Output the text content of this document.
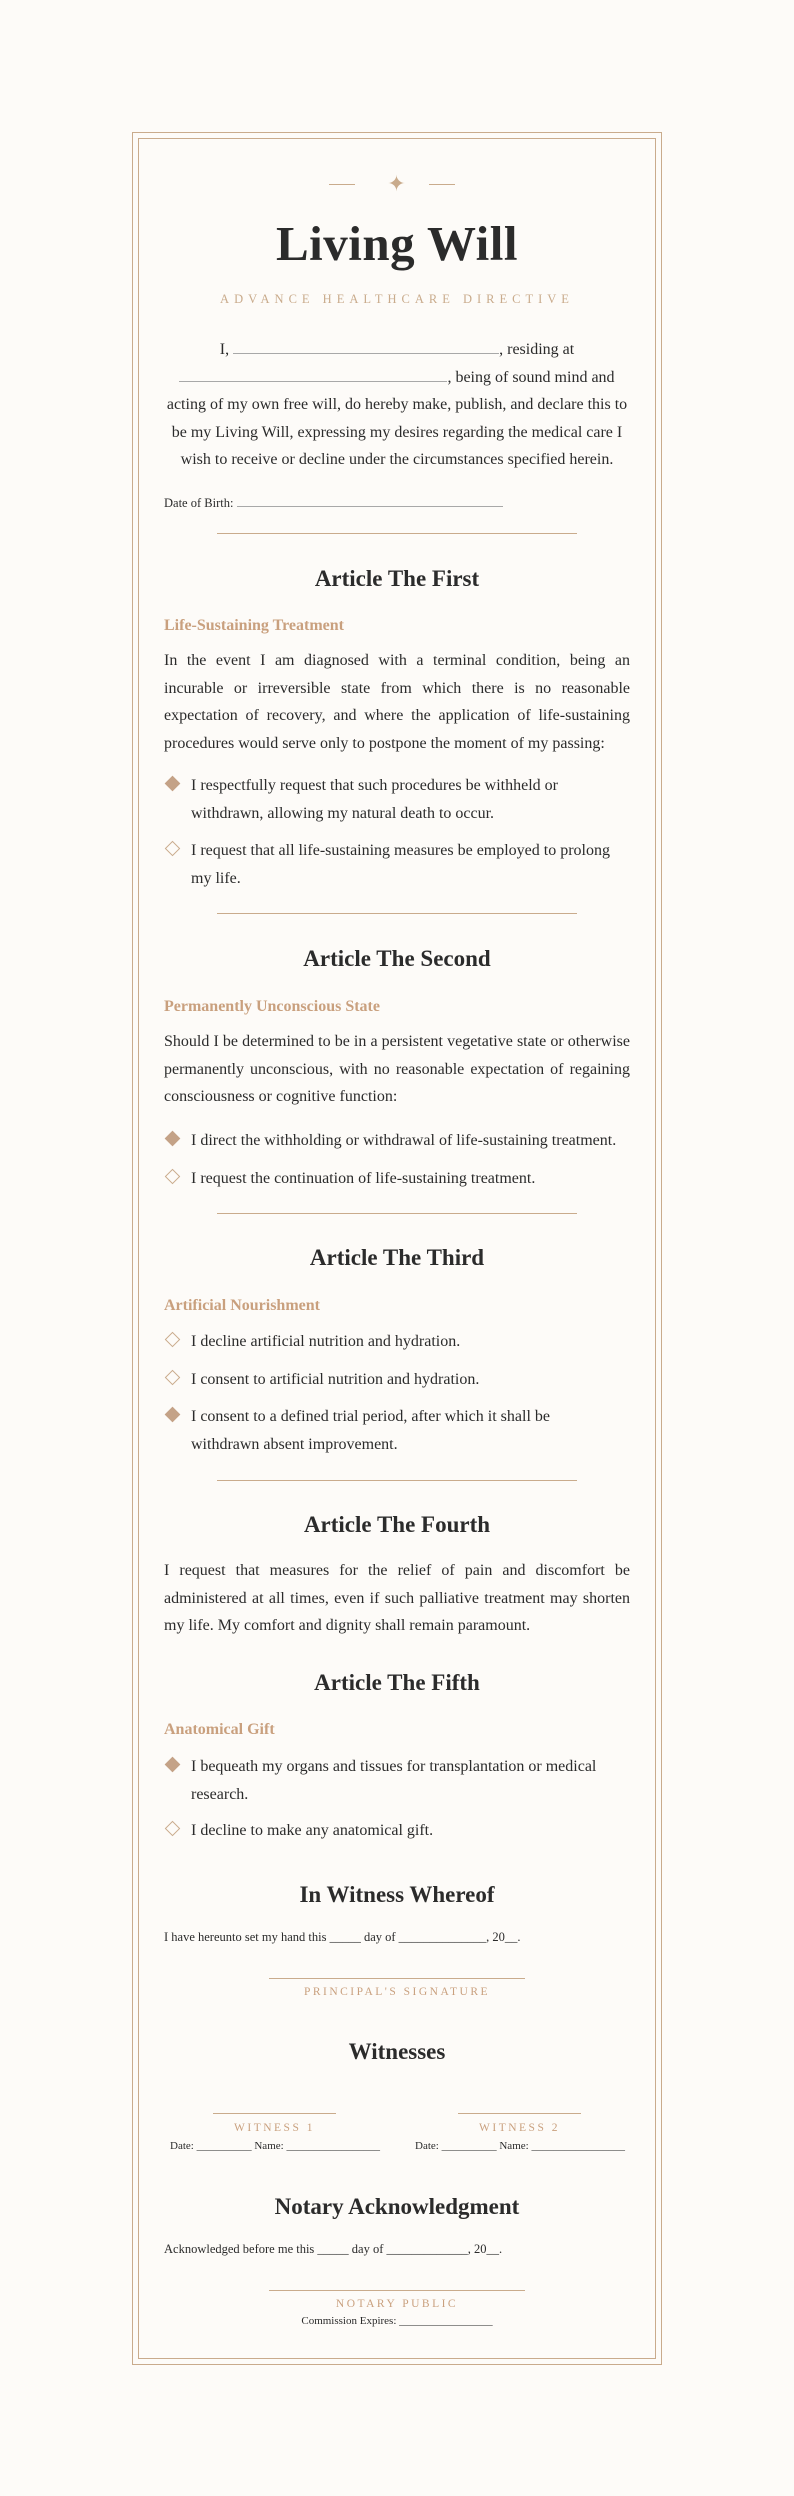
✦
Living Will
ADVANCE HEALTHCARE DIRECTIVE
I,	, residing at
, being of sound mind and acting of my own free will, do hereby make, publish, and declare this to be my Living Will, expressing my desires regarding the medical care I wish to receive or decline under the circumstances specified herein.
Date of Birth:
Article The First
Life-Sustaining Treatment
In the event I am diagnosed with a terminal condition, being an incurable or irreversible state from which there is no reasonable expectation of recovery, and where the application of life-sustaining procedures would serve only to postpone the moment of my passing:
I respectfully request that such procedures be withheld or withdrawn, allowing my natural death to occur.
I request that all life-sustaining measures be employed to prolong my life.
Article The Second
Permanently Unconscious State
Should I be determined to be in a persistent vegetative state or otherwise permanently unconscious, with no reasonable expectation of regaining consciousness or cognitive function:
I direct the withholding or withdrawal of life-sustaining treatment.
I request the continuation of life-sustaining treatment.
Article The Third
Artificial Nourishment
I decline artificial nutrition and hydration.
I consent to artificial nutrition and hydration.
I consent to a defined trial period, after which it shall be withdrawn absent improvement.
Article The Fourth
I request that measures for the relief of pain and discomfort be administered at all times, even if such palliative treatment may shorten my life. My comfort and dignity shall remain paramount.
Article The Fifth
Anatomical Gift
I bequeath my organs and tissues for transplantation or medical research.
I decline to make any anatomical gift.
In Witness Whereof
I have hereunto set my hand this _____ day of ______________, 20__.
PRINCIPAL'S SIGNATURE
Witnesses
WITNESS 1
Date: __________ Name: _________________
WITNESS 2
Date: __________ Name: _________________
Notary Acknowledgment
Acknowledged before me this _____ day of _____________, 20__.
NOTARY PUBLIC
Commission Expires: _________________
